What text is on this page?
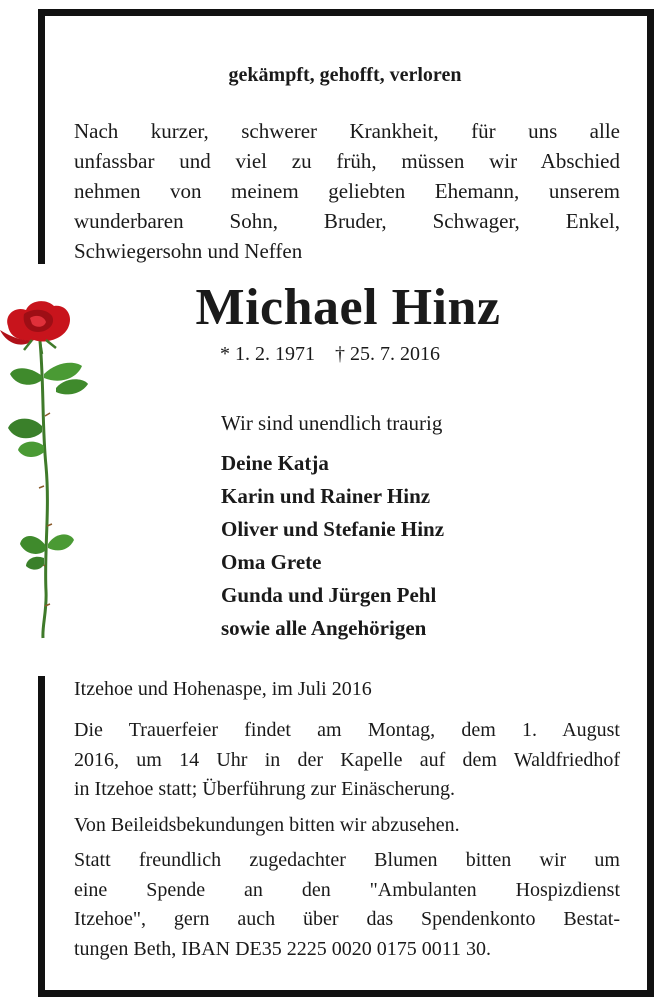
gekämpft, gehofft, verloren
Nach kurzer, schwerer Krankheit, für uns alle
unfassbar und viel zu früh, müssen wir Abschied
nehmen von meinem geliebten Ehemann, unserem
wunderbaren Sohn, Bruder, Schwager, Enkel,
Schwiegersohn und Neffen
Michael Hinz
* 1. 2. 1971 † 25. 7. 2016
Wir sind unendlich traurig
Deine Katja
Karin und Rainer Hinz
Oliver und Stefanie Hinz
Oma Grete
Gunda und Jürgen Pehl
sowie alle Angehörigen
Itzehoe und Hohenaspe, im Juli 2016
Die Trauerfeier findet am Montag, dem 1. August
2016, um 14 Uhr in der Kapelle auf dem Waldfriedhof
in Itzehoe statt; Überführung zur Einäscherung.
Von Beileidsbekundungen bitten wir abzusehen.
Statt freundlich zugedachter Blumen bitten wir um
eine Spende an den "Ambulanten Hospizdienst
Itzehoe", gern auch über das Spendenkonto Bestat-
tungen Beth, IBAN DE35 2225 0020 0175 0011 30.
